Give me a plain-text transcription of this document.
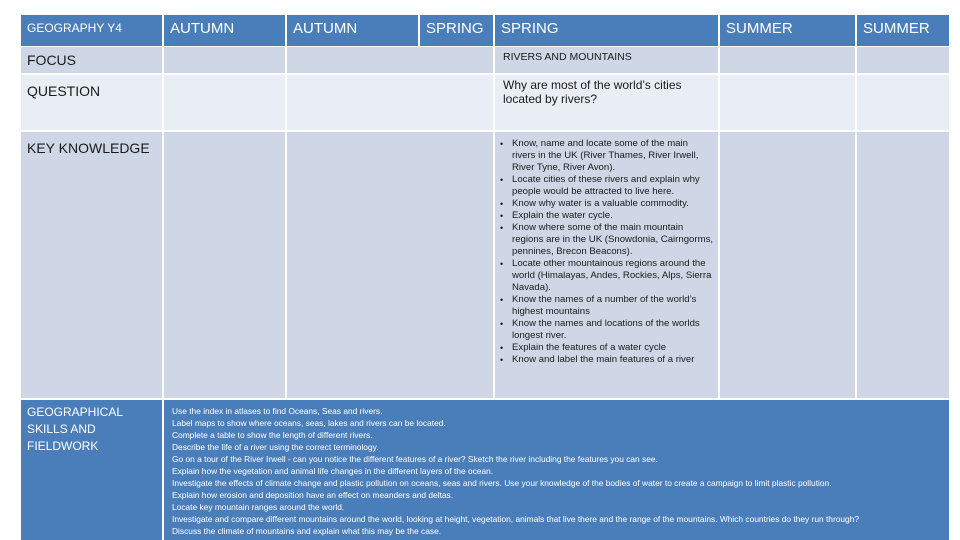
GEOGRAPHY Y4	AUTUMN	AUTUMN	SPRING	SPRING	SUMMER	SUMMER
FOCUS	RIVERS AND MOUNTAINS
QUESTION	Why are most of the world’s cities located by rivers?
KEY KNOWLEDGE
•	Know, name and locate some of the main rivers in the UK (River Thames, River Irwell, River Tyne, River Avon).
• Locate cities of these rivers and explain why people would be attracted to live here.
• Know why water is a valuable commodity.
• Explain the water cycle.
• Know where some of the main mountain regions are in the UK (Snowdonia, Cairngorms, pennines, Brecon Beacons).
• Locate other mountainous regions around the world (Himalayas, Andes, Rockies, Alps, Sierra Navada).
• Know the names of a number of the world’s highest mountains
• Know the names and locations of the worlds longest river.
• Explain the features of a water cycle
• Know and label the main features of a river
GEOGRAPHICAL SKILLS AND FIELDWORK
Use the index in atlases to find Oceans, Seas and rivers.
Label maps to show where oceans, seas, lakes and rivers can be located.
Complete a table to show the length of different rivers.
Describe the life of a river using the correct terminology.
Go on a tour of the River Irwell - can you notice the different features of a river? Sketch the river including the features you can see.
Explain how the vegetation and animal life changes in the different layers of the ocean.
Investigate the effects of climate change and plastic pollution on oceans, seas and rivers. Use your knowledge of the bodies of water to create a campaign to limit plastic pollution.
Explain how erosion and deposition have an effect on meanders and deltas.
Locate key mountain ranges around the world.
Investigate and compare different mountains around the world, looking at height, vegetation, animals that live there and the range of the mountains. Which countries do they run through?
Discuss the climate of mountains and explain what this may be the case.
